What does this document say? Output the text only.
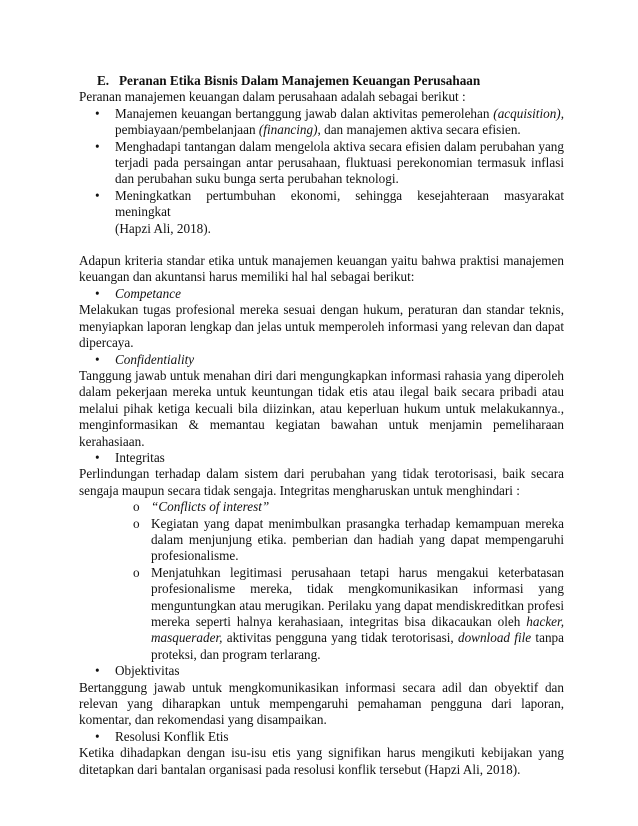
E. Peranan Etika Bisnis Dalam Manajemen Keuangan Perusahaan

Peranan manajemen keuangan dalam perusahaan adalah sebagai berikut :

• Manajemen keuangan bertanggung jawab dalan aktivitas pemerolehan (acquisition), pembiayaan/pembelanjaan (financing), dan manajemen aktiva secara efisien.
• Menghadapi tantangan dalam mengelola aktiva secara efisien dalam perubahan yang terjadi pada persaingan antar perusahaan, fluktuasi perekonomian termasuk inflasi dan perubahan suku bunga serta perubahan teknologi.
• Meningkatkan pertumbuhan ekonomi, sehingga kesejahteraan masyarakat meningkat
(Hapzi Ali, 2018).

Adapun kriteria standar etika untuk manajemen keuangan yaitu bahwa praktisi manajemen keuangan dan akuntansi harus memiliki hal hal sebagai berikut:

• Competance

Melakukan tugas profesional mereka sesuai dengan hukum, peraturan dan standar teknis, menyiapkan laporan lengkap dan jelas untuk memperoleh informasi yang relevan dan dapat dipercaya.

• Confidentiality

Tanggung jawab untuk menahan diri dari mengungkapkan informasi rahasia yang diperoleh dalam pekerjaan mereka untuk keuntungan tidak etis atau ilegal baik secara pribadi atau melalui pihak ketiga kecuali bila diizinkan, atau keperluan hukum untuk melakukannya., menginformasikan & memantau kegiatan bawahan untuk menjamin pemeliharaan kerahasiaan.

• Integritas

Perlindungan terhadap dalam sistem dari perubahan yang tidak terotorisasi, baik secara sengaja maupun secara tidak sengaja. Integritas mengharuskan untuk menghindari :

o “Conflicts of interest”
o Kegiatan yang dapat menimbulkan prasangka terhadap kemampuan mereka dalam menjunjung etika. pemberian dan hadiah yang dapat mempengaruhi profesionalisme.
o Menjatuhkan legitimasi perusahaan tetapi harus mengakui keterbatasan profesionalisme mereka, tidak mengkomunikasikan informasi yang menguntungkan atau merugikan. Perilaku yang dapat mendiskreditkan profesi mereka seperti halnya kerahasiaan, integritas bisa dikacaukan oleh hacker, masquerader, aktivitas pengguna yang tidak terotorisasi, download file tanpa proteksi, dan program terlarang.
• Objektivitas

Bertanggung jawab untuk mengkomunikasikan informasi secara adil dan obyektif dan relevan yang diharapkan untuk mempengaruhi pemahaman pengguna dari laporan, komentar, dan rekomendasi yang disampaikan.

• Resolusi Konflik Etis

Ketika dihadapkan dengan isu-isu etis yang signifikan harus mengikuti kebijakan yang ditetapkan dari bantalan organisasi pada resolusi konflik tersebut (Hapzi Ali, 2018).
